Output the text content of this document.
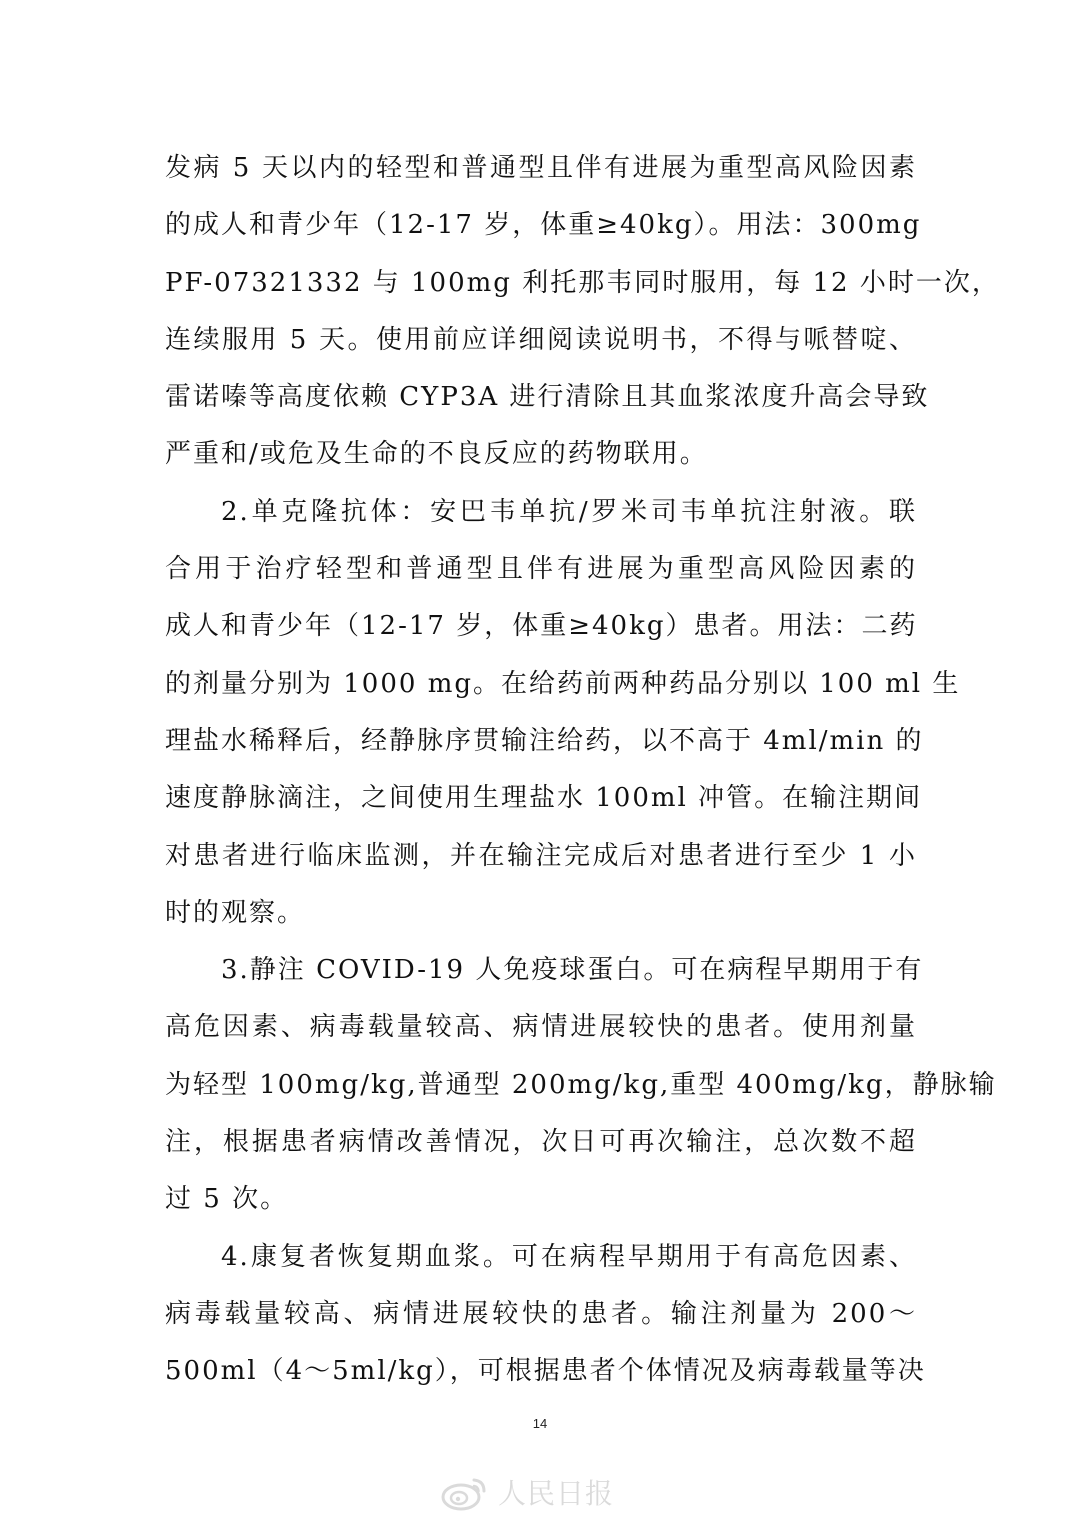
发病 5 天以内的轻型和普通型且伴有进展为重型高风险因素
的成人和青少年（12-17 岁，体重≥40kg）。用法：300mg
PF-07321332 与 100mg 利托那韦同时服用，每 12 小时一次，
连续服用 5 天。使用前应详细阅读说明书，不得与哌替啶、
雷诺嗪等高度依赖 CYP3A 进行清除且其血浆浓度升高会导致
严重和/或危及生命的不良反应的药物联用。
2.单克隆抗体：安巴韦单抗/罗米司韦单抗注射液。联
合用于治疗轻型和普通型且伴有进展为重型高风险因素的
成人和青少年（12-17 岁，体重≥40kg）患者。用法：二药
的剂量分别为 1000 mg。在给药前两种药品分别以 100 ml 生
理盐水稀释后，经静脉序贯输注给药，以不高于 4ml/min 的
速度静脉滴注，之间使用生理盐水 100ml 冲管。在输注期间
对患者进行临床监测，并在输注完成后对患者进行至少 1 小
时的观察。
3.静注 COVID-19 人免疫球蛋白。可在病程早期用于有
高危因素、病毒载量较高、病情进展较快的患者。使用剂量
为轻型 100mg/kg,普通型 200mg/kg,重型 400mg/kg，静脉输
注，根据患者病情改善情况，次日可再次输注，总次数不超
过 5 次。
4.康复者恢复期血浆。可在病程早期用于有高危因素、
病毒载量较高、病情进展较快的患者。输注剂量为 200～
500ml（4～5ml/kg），可根据患者个体情况及病毒载量等决
14
人民日报
